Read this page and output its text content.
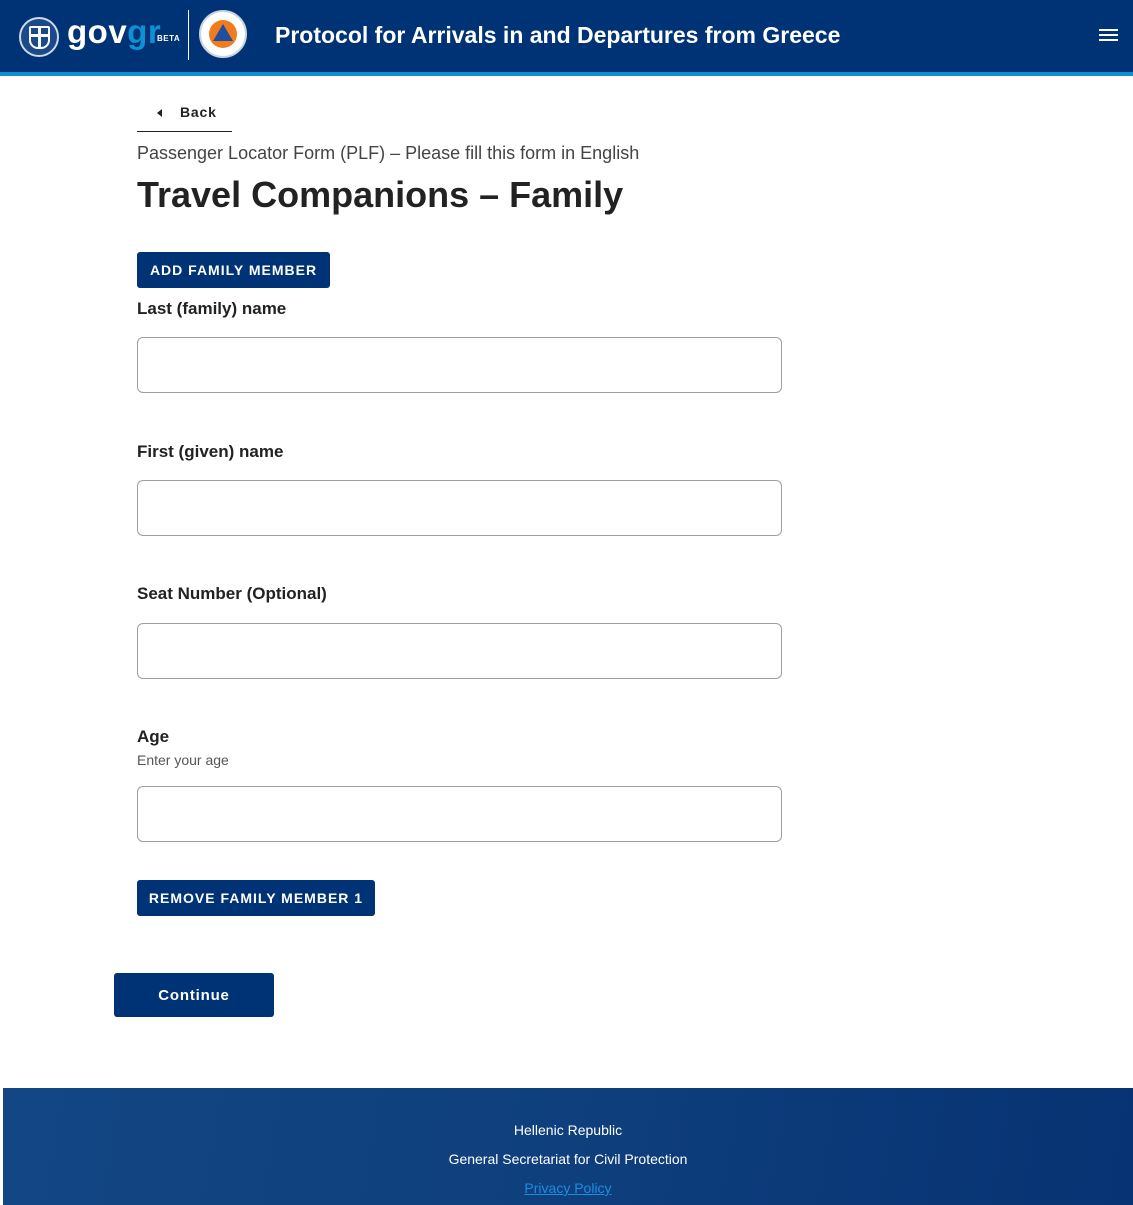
govgr
BETA	Protocol for Arrivals in and Departures from Greece
Back
Passenger Locator Form (PLF) – Please fill this form in English
Travel Companions – Family
ADD FAMILY MEMBER
Last (family) name
First (given) name
Seat Number (Optional)
Age
Enter your age
REMOVE FAMILY MEMBER 1
Continue
Hellenic Republic
General Secretariat for Civil Protection
Privacy Policy
